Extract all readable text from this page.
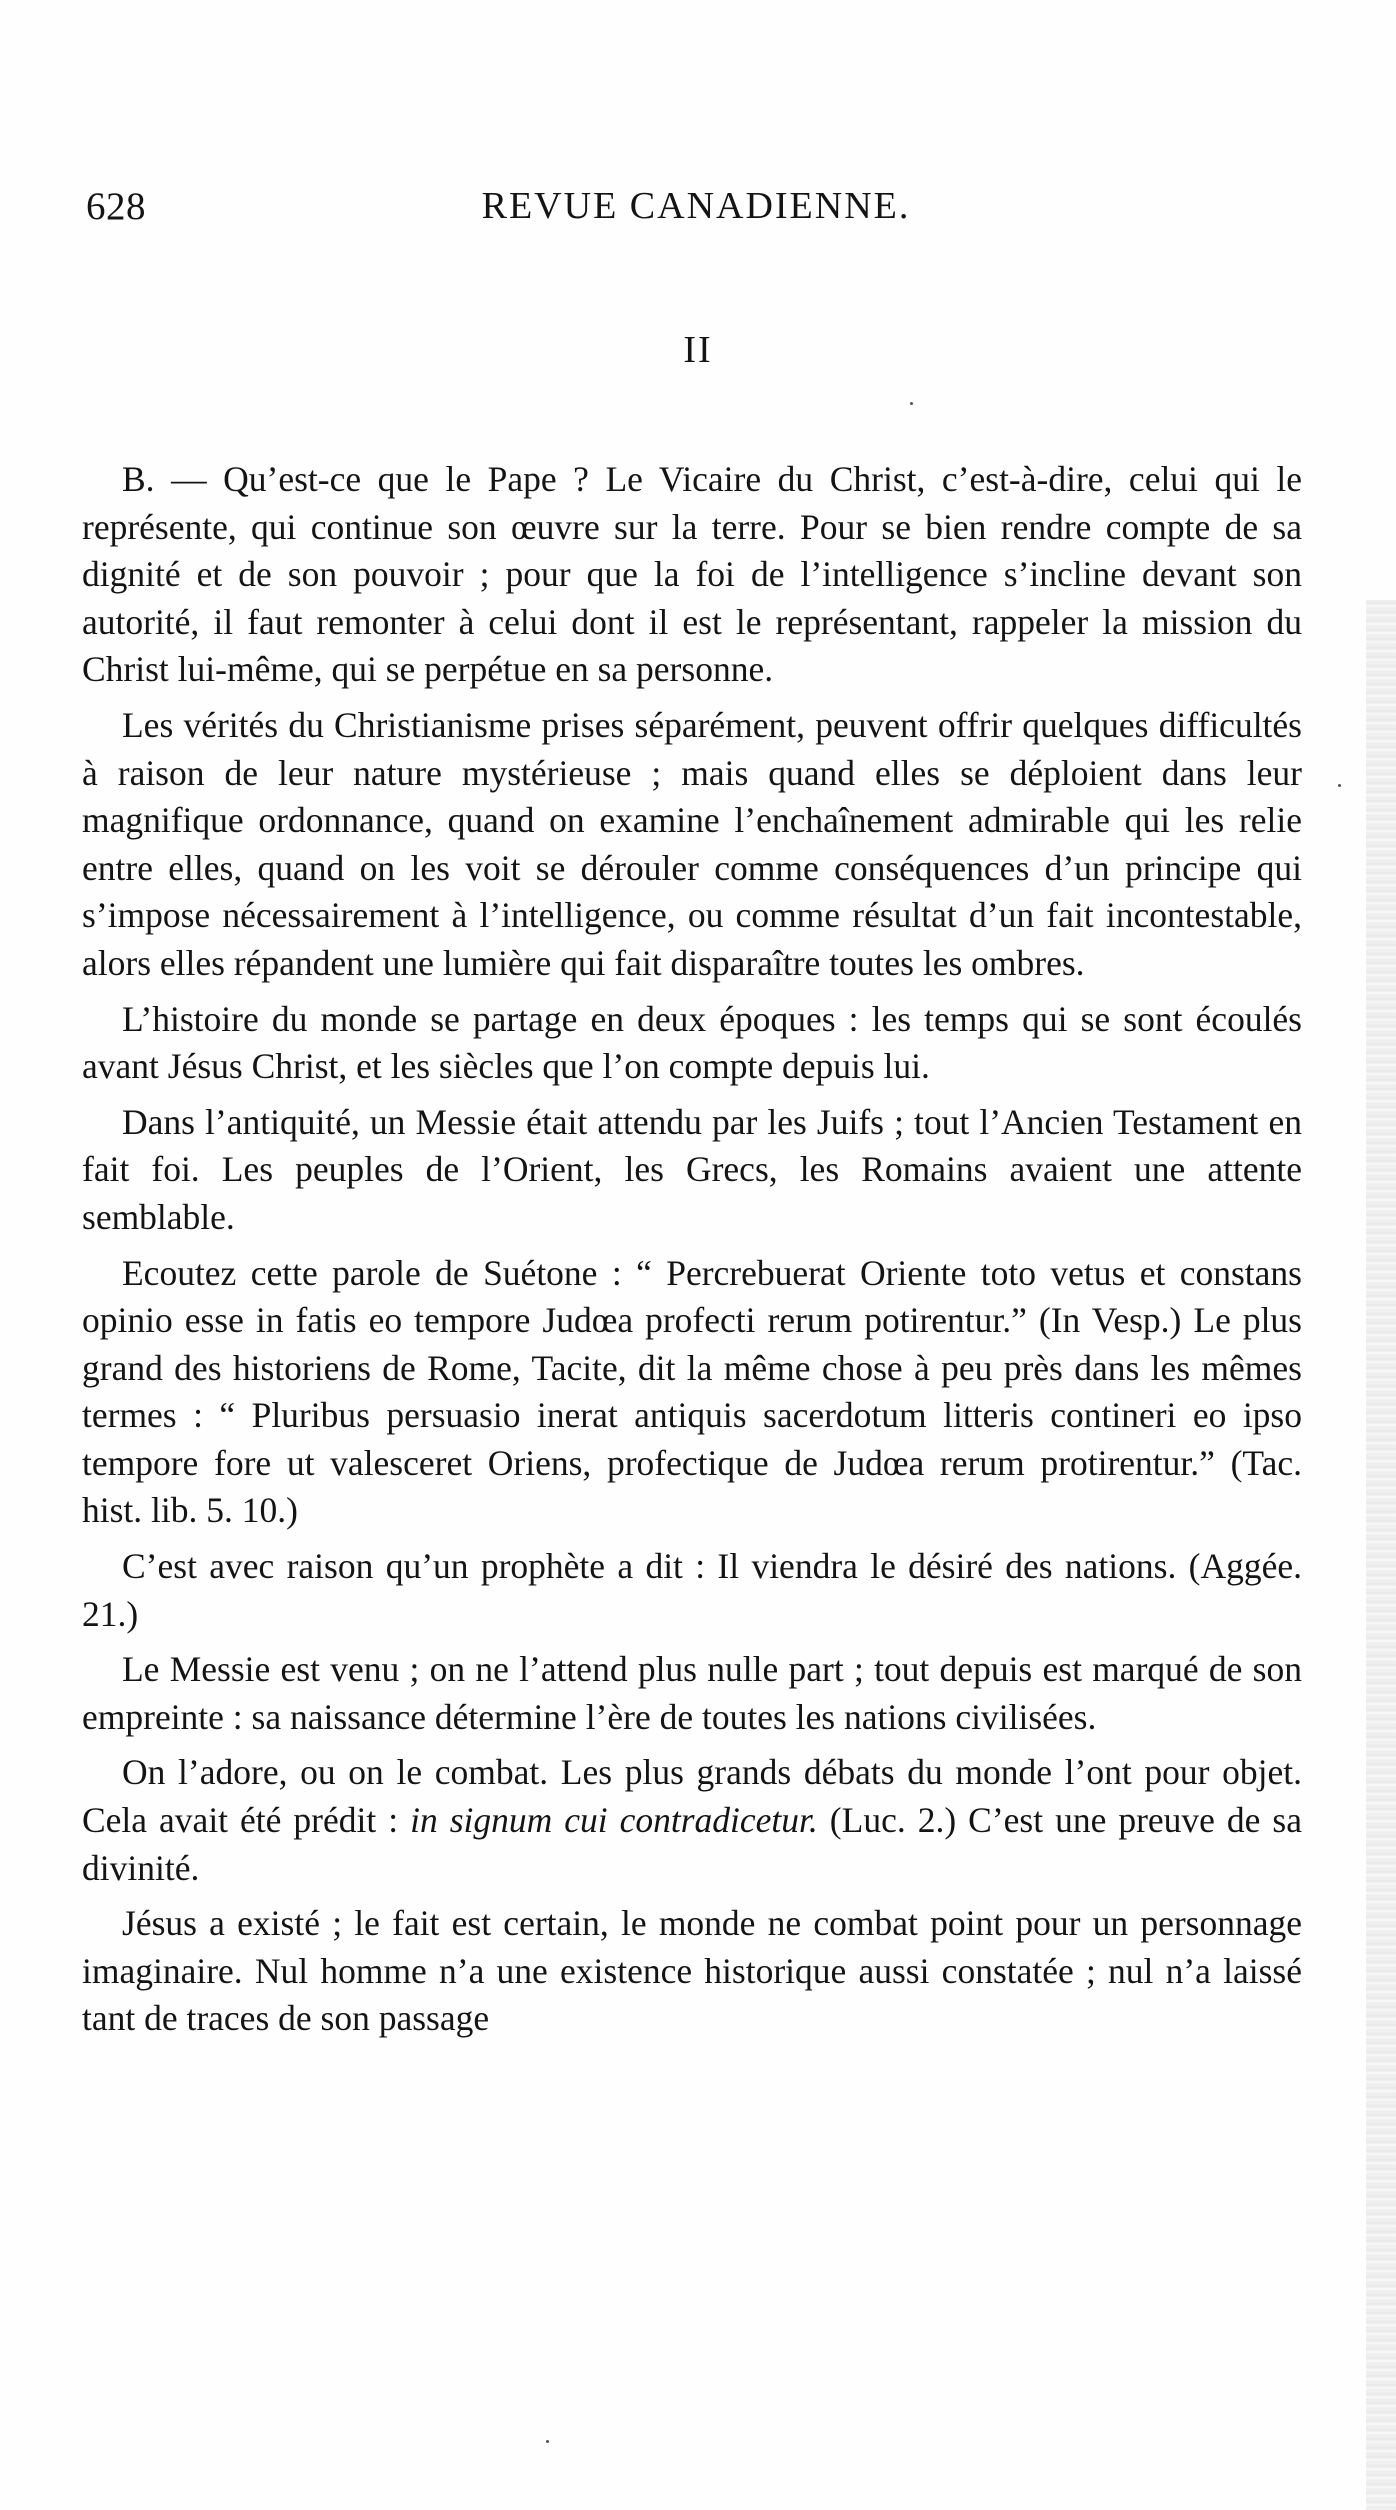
628	REVUE CANADIENNE.
II

B. — Qu’est-ce que le Pape ? Le Vicaire du Christ, c’est-à-dire, celui qui le représente, qui continue son œuvre sur la terre. Pour se bien rendre compte de sa dignité et de son pouvoir ; pour que la foi de l’intelligence s’incline devant son autorité, il faut remonter à celui dont il est le représentant, rappeler la mission du Christ lui-même, qui se perpétue en sa personne.

Les vérités du Christianisme prises séparément, peuvent offrir quelques difficultés à raison de leur nature mystérieuse ; mais quand elles se déploient dans leur magnifique ordonnance, quand on examine l’enchaînement admirable qui les relie entre elles, quand on les voit se dérouler comme conséquences d’un principe qui s’impose nécessairement à l’intelligence, ou comme résultat d’un fait incontestable, alors elles répandent une lumière qui fait disparaître toutes les ombres.

L’histoire du monde se partage en deux époques : les temps qui se sont écoulés avant Jésus Christ, et les siècles que l’on compte depuis lui.

Dans l’antiquité, un Messie était attendu par les Juifs ; tout l’Ancien Testament en fait foi. Les peuples de l’Orient, les Grecs, les Romains avaient une attente semblable.

Ecoutez cette parole de Suétone : “ Percrebuerat Oriente toto vetus et constans opinio esse in fatis eo tempore Judœa profecti rerum potirentur.” (In Vesp.) Le plus grand des historiens de Rome, Tacite, dit la même chose à peu près dans les mêmes termes : “ Pluribus persuasio inerat antiquis sacerdotum litteris contineri eo ipso tempore fore ut valesceret Oriens, profectique de Judœa rerum protirentur.” (Tac. hist. lib. 5. 10.)

C’est avec raison qu’un prophète a dit : Il viendra le désiré des nations. (Aggée. 21.)

Le Messie est venu ; on ne l’attend plus nulle part ; tout depuis est marqué de son empreinte : sa naissance détermine l’ère de toutes les nations civilisées.

On l’adore, ou on le combat. Les plus grands débats du monde l’ont pour objet. Cela avait été prédit : in signum cui contradicetur. (Luc. 2.) C’est une preuve de sa divinité.

Jésus a existé ; le fait est certain, le monde ne combat point pour un personnage imaginaire. Nul homme n’a une existence historique aussi constatée ; nul n’a laissé tant de traces de son passage
